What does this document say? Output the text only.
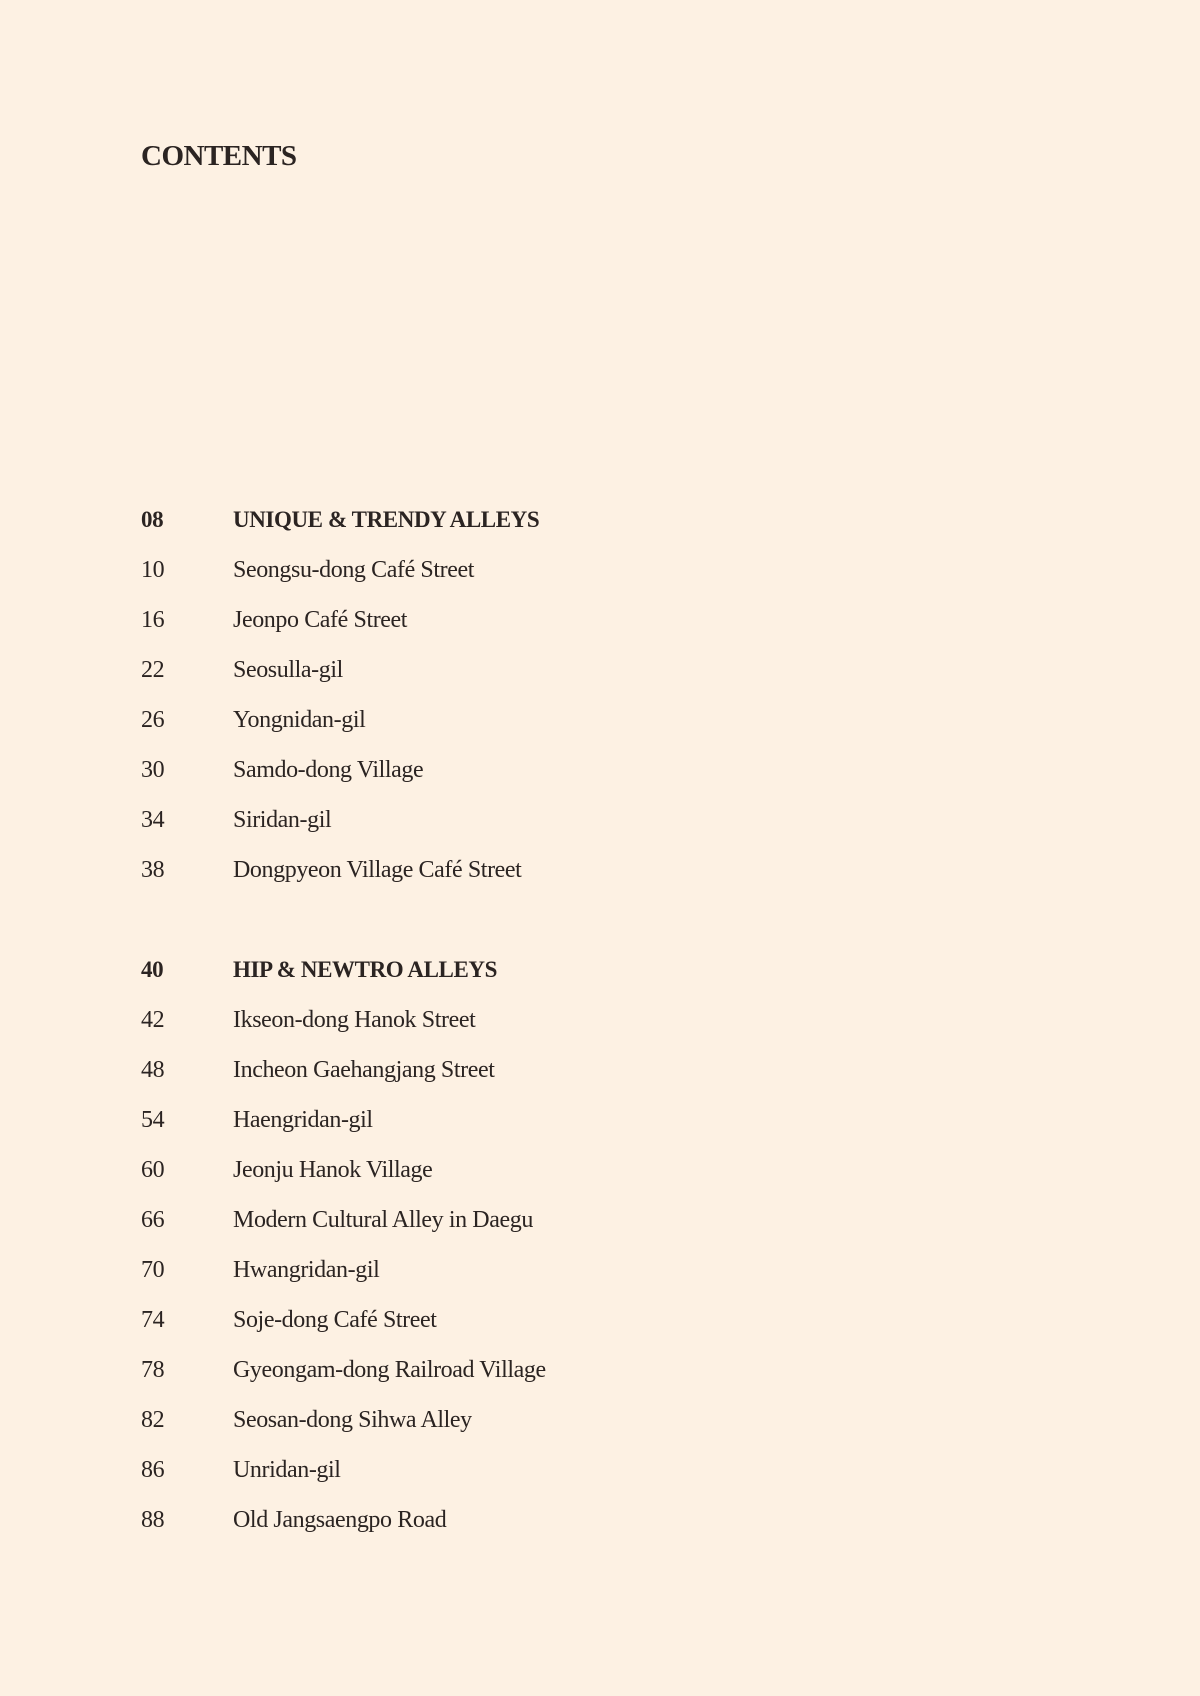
CONTENTS
08	UNIQUE & TRENDY ALLEYS
10	Seongsu-dong Café Street
16	Jeonpo Café Street
22	Seosulla-gil
26	Yongnidan-gil
30	Samdo-dong Village
34	Siridan-gil
38	Dongpyeon Village Café Street
40	HIP & NEWTRO ALLEYS
42	Ikseon-dong Hanok Street
48	Incheon Gaehangjang Street
54	Haengridan-gil
60	Jeonju Hanok Village
66	Modern Cultural Alley in Daegu
70	Hwangridan-gil
74	Soje-dong Café Street
78	Gyeongam-dong Railroad Village
82	Seosan-dong Sihwa Alley
86	Unridan-gil
88	Old Jangsaengpo Road
